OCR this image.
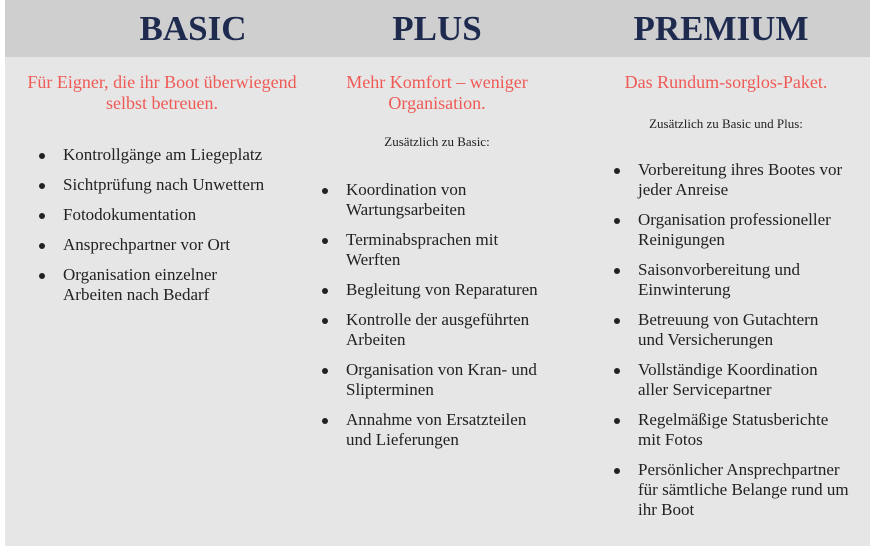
BASIC	PLUS	PREMIUM
Für Eigner, die ihr Boot überwiegend selbst betreuen.
Kontrollgänge am Liegeplatz
Sichtprüfung nach Unwettern
Fotodokumentation
Ansprechpartner vor Ort
Organisation einzelner Arbeiten nach Bedarf
Mehr Komfort – weniger Organisation.
Zusätzlich zu Basic:
Koordination von Wartungsarbeiten
Terminabsprachen mit Werften
Begleitung von Reparaturen
Kontrolle der ausgeführten Arbeiten
Organisation von Kran- und Slipterminen
Annahme von Ersatzteilen und Lieferungen
Das Rundum-sorglos-Paket.
Zusätzlich zu Basic und Plus:
Vorbereitung ihres Bootes vor jeder Anreise
Organisation professioneller Reinigungen
Saisonvorbereitung und Einwinterung
Betreuung von Gutachtern und Versicherungen
Vollständige Koordination aller Servicepartner
Regelmäßige Statusberichte mit Fotos
Persönlicher Ansprechpartner für sämtliche Belange rund um ihr Boot
